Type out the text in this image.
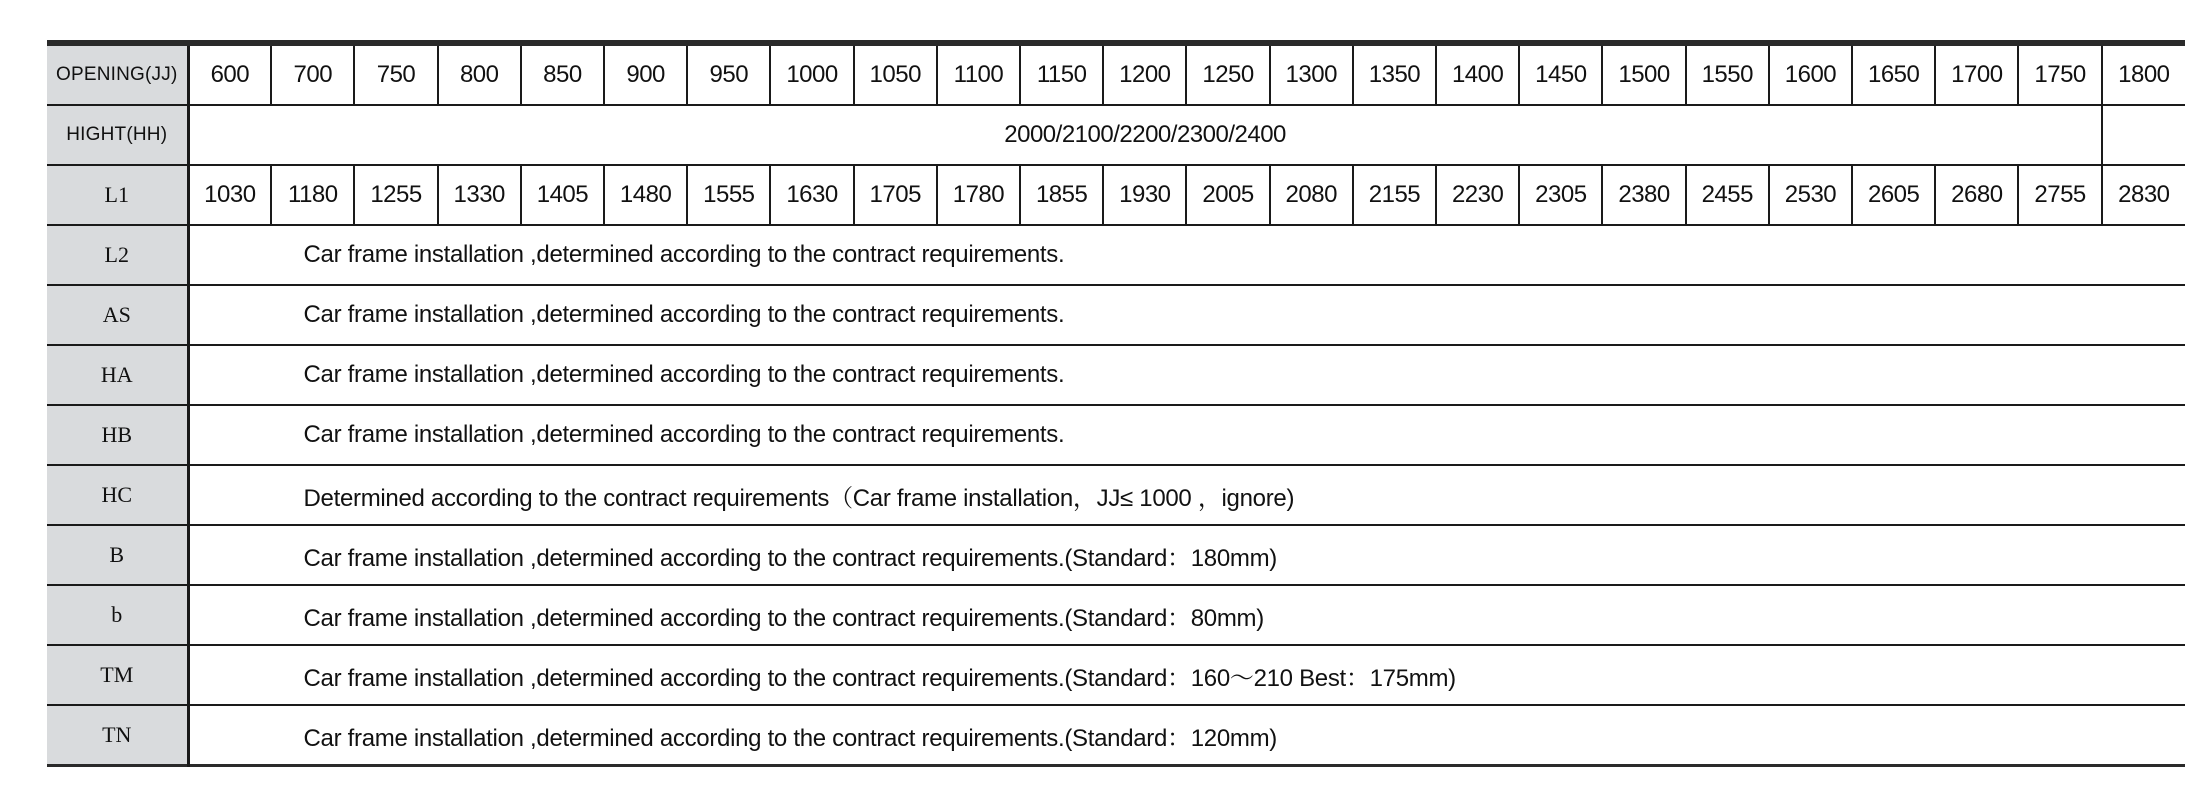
OPENING(JJ)	600	700	750	800	850	900	950	1000	1050	1100	1150	1200	1250	1300	1350	1400	1450	1500	1550	1600	1650	1700	1750	1800
HIGHT(HH)	2000/2100/2200/2300/2400																							
L1	1030	1180	1255	1330	1405	1480	1555	1630	1705	1780	1855	1930	2005	2080	2155	2230	2305	2380	2455	2530	2605	2680	2755	2830
L2	Car frame installation ,determined according to the contract requirements.																							
AS	Car frame installation ,determined according to the contract requirements.																							
HA	Car frame installation ,determined according to the contract requirements.																							
HB	Car frame installation ,determined according to the contract requirements.																							
HC	Determined according to the contract requirements（Car frame installation，JJ≤ 1000 ，ignore)																							
B	Car frame installation ,determined according to the contract requirements.(Standard：180mm)																							
b	Car frame installation ,determined according to the contract requirements.(Standard：80mm)																							
TM	Car frame installation ,determined according to the contract requirements.(Standard：160～210 Best：175mm)																							
TN	Car frame installation ,determined according to the contract requirements.(Standard：120mm)																							
